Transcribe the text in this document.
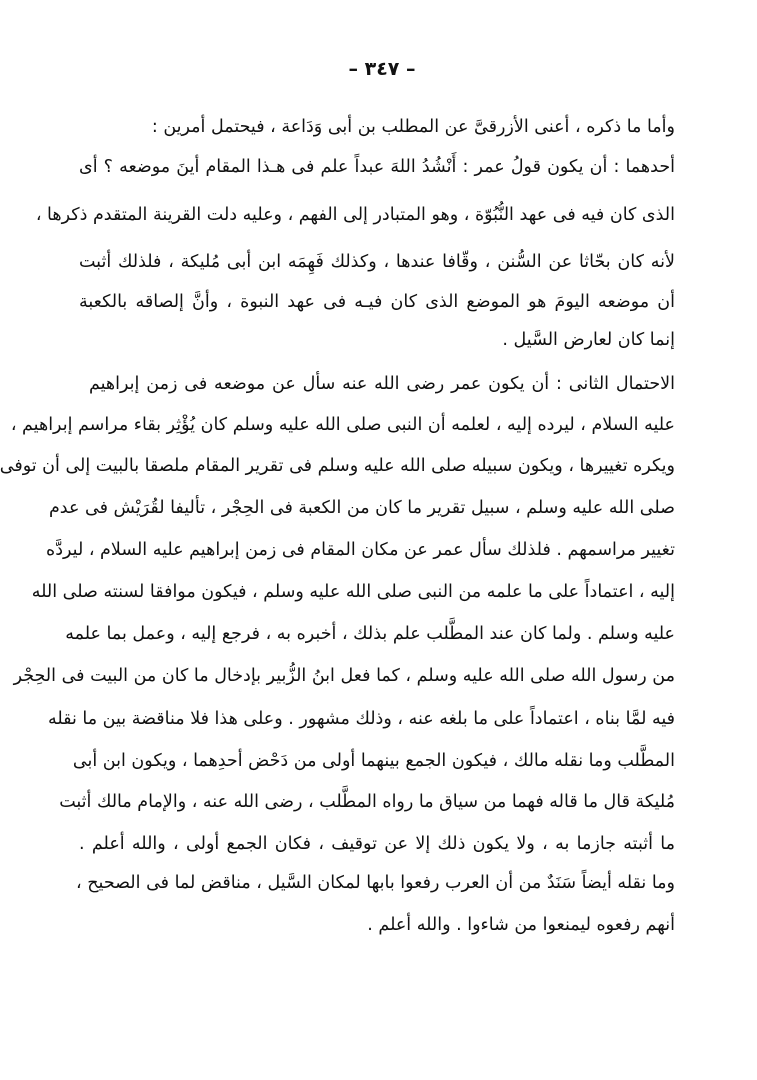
– ٣٤٧ –
وأما ما ذكره ، أعنى الأزرقىَّ عن المطلب بن أبى وَدَاعة ، فيحتمل أمرين :
أحدهما : أن يكون قولُ عمر : أَنْشُدُ اللهَ عبداً علم فى هـذا المقام أينَ موضعه ؟ أى
الذى كان فيه فى عهد النُّبُوّة ، وهو المتبادر إلى الفهم ، وعليه دلت القرينة المتقدم ذكرها ،
لأنه كان بحّاثا عن السُّنن ، وقّافا عندها ، وكذلك فَهِمَه ابن أبى مُليكة ، فلذلك أثبت
أن موضعه اليومَ هو الموضع الذى كان فيـه فى عهد النبوة ، وأنَّ إلصاقه بالكعبة
إنما كان لعارض السَّيل .
الاحتمال الثانى : أن يكون عمر رضى الله عنه سأل عن موضعه فى زمن إبراهيم
عليه السلام ، ليرده إليه ، لعلمه أن النبى صلى الله عليه وسلم كان يُؤْثِر بقاء مراسم إبراهيم ،
ويكره تغييرها ، ويكون سبيله صلى الله عليه وسلم فى تقرير المقام ملصقا بالبيت إلى أن توفى
صلى الله عليه وسلم ، سبيل تقرير ما كان من الكعبة فى الحِجْر ، تأليفا لقُرَيْش فى عدم
تغيير مراسمهم . فلذلك سأل عمر عن مكان المقام فى زمن إبراهيم عليه السلام ، ليردَّه
إليه ، اعتماداً على ما علمه من النبى صلى الله عليه وسلم ، فيكون موافقا لسنته صلى الله
عليه وسلم . ولما كان عند المطَّلب علم بذلك ، أخبره به ، فرجع إليه ، وعمل بما علمه
من رسول الله صلى الله عليه وسلم ، كما فعل ابنُ الزُّبير بإدخال ما كان من البيت فى الحِجْر
فيه لمَّا بناه ، اعتماداً على ما بلغه عنه ، وذلك مشهور . وعلى هذا فلا مناقضة بين ما نقله
المطَّلب وما نقله مالك ، فيكون الجمع بينهما أولى من دَحْض أحدِهما ، ويكون ابن أبى
مُليكة قال ما قاله فهما من سياق ما رواه المطَّلب ، رضى الله عنه ، والإمام مالك أثبت
ما أثبته جازما به ، ولا يكون ذلك إلا عن توقيف ، فكان الجمع أولى ، والله أعلم .
وما نقله أيضاً سَنَدٌ من أن العرب رفعوا بابها لمكان السَّيل ، مناقض لما فى الصحيح ،
أنهم رفعوه ليمنعوا من شاءوا . والله أعلم .
